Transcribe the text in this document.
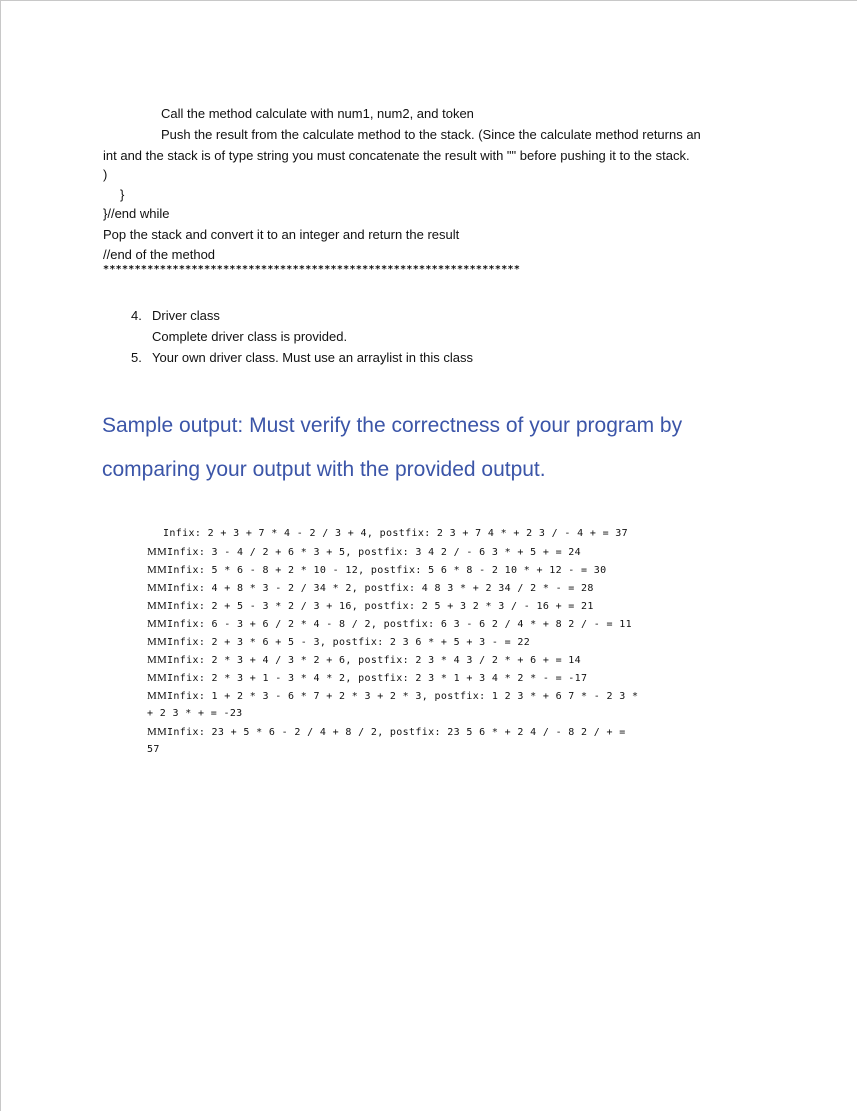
Call the method calculate with num1, num2, and token
Push the result from the calculate method to the stack. (Since the calculate method returns an
int and the stack is of type string you must concatenate the result with "" before pushing it to the stack.
)
}
}//end while
Pop the stack and convert it to an integer and return the result
//end of the method
******************************************************************
4. Driver class
Complete driver class is provided.
5. Your own driver class. Must use an arraylist in this class
Sample output: Must verify the correctness of your program by
comparing your output with the provided output.
Infix: 2 + 3 + 7 * 4 - 2 / 3 + 4, postfix: 2 3 + 7 4 * + 2 3 / - 4 + = 37
MMInfix: 3 - 4 / 2 + 6 * 3 + 5, postfix: 3 4 2 / - 6 3 * + 5 + = 24
MMInfix: 5 * 6 - 8 + 2 * 10 - 12, postfix: 5 6 * 8 - 2 10 * + 12 - = 30
MMInfix: 4 + 8 * 3 - 2 / 34 * 2, postfix: 4 8 3 * + 2 34 / 2 * - = 28
MMInfix: 2 + 5 - 3 * 2 / 3 + 16, postfix: 2 5 + 3 2 * 3 / - 16 + = 21
MMInfix: 6 - 3 + 6 / 2 * 4 - 8 / 2, postfix: 6 3 - 6 2 / 4 * + 8 2 / - = 11
MMInfix: 2 + 3 * 6 + 5 - 3, postfix: 2 3 6 * + 5 + 3 - = 22
MMInfix: 2 * 3 + 4 / 3 * 2 + 6, postfix: 2 3 * 4 3 / 2 * + 6 + = 14
MMInfix: 2 * 3 + 1 - 3 * 4 * 2, postfix: 2 3 * 1 + 3 4 * 2 * - = -17
MMInfix: 1 + 2 * 3 - 6 * 7 + 2 * 3 + 2 * 3, postfix: 1 2 3 * + 6 7 * - 2 3 *
+ 2 3 * + = -23
MMInfix: 23 + 5 * 6 - 2 / 4 + 8 / 2, postfix: 23 5 6 * + 2 4 / - 8 2 / + =
57
